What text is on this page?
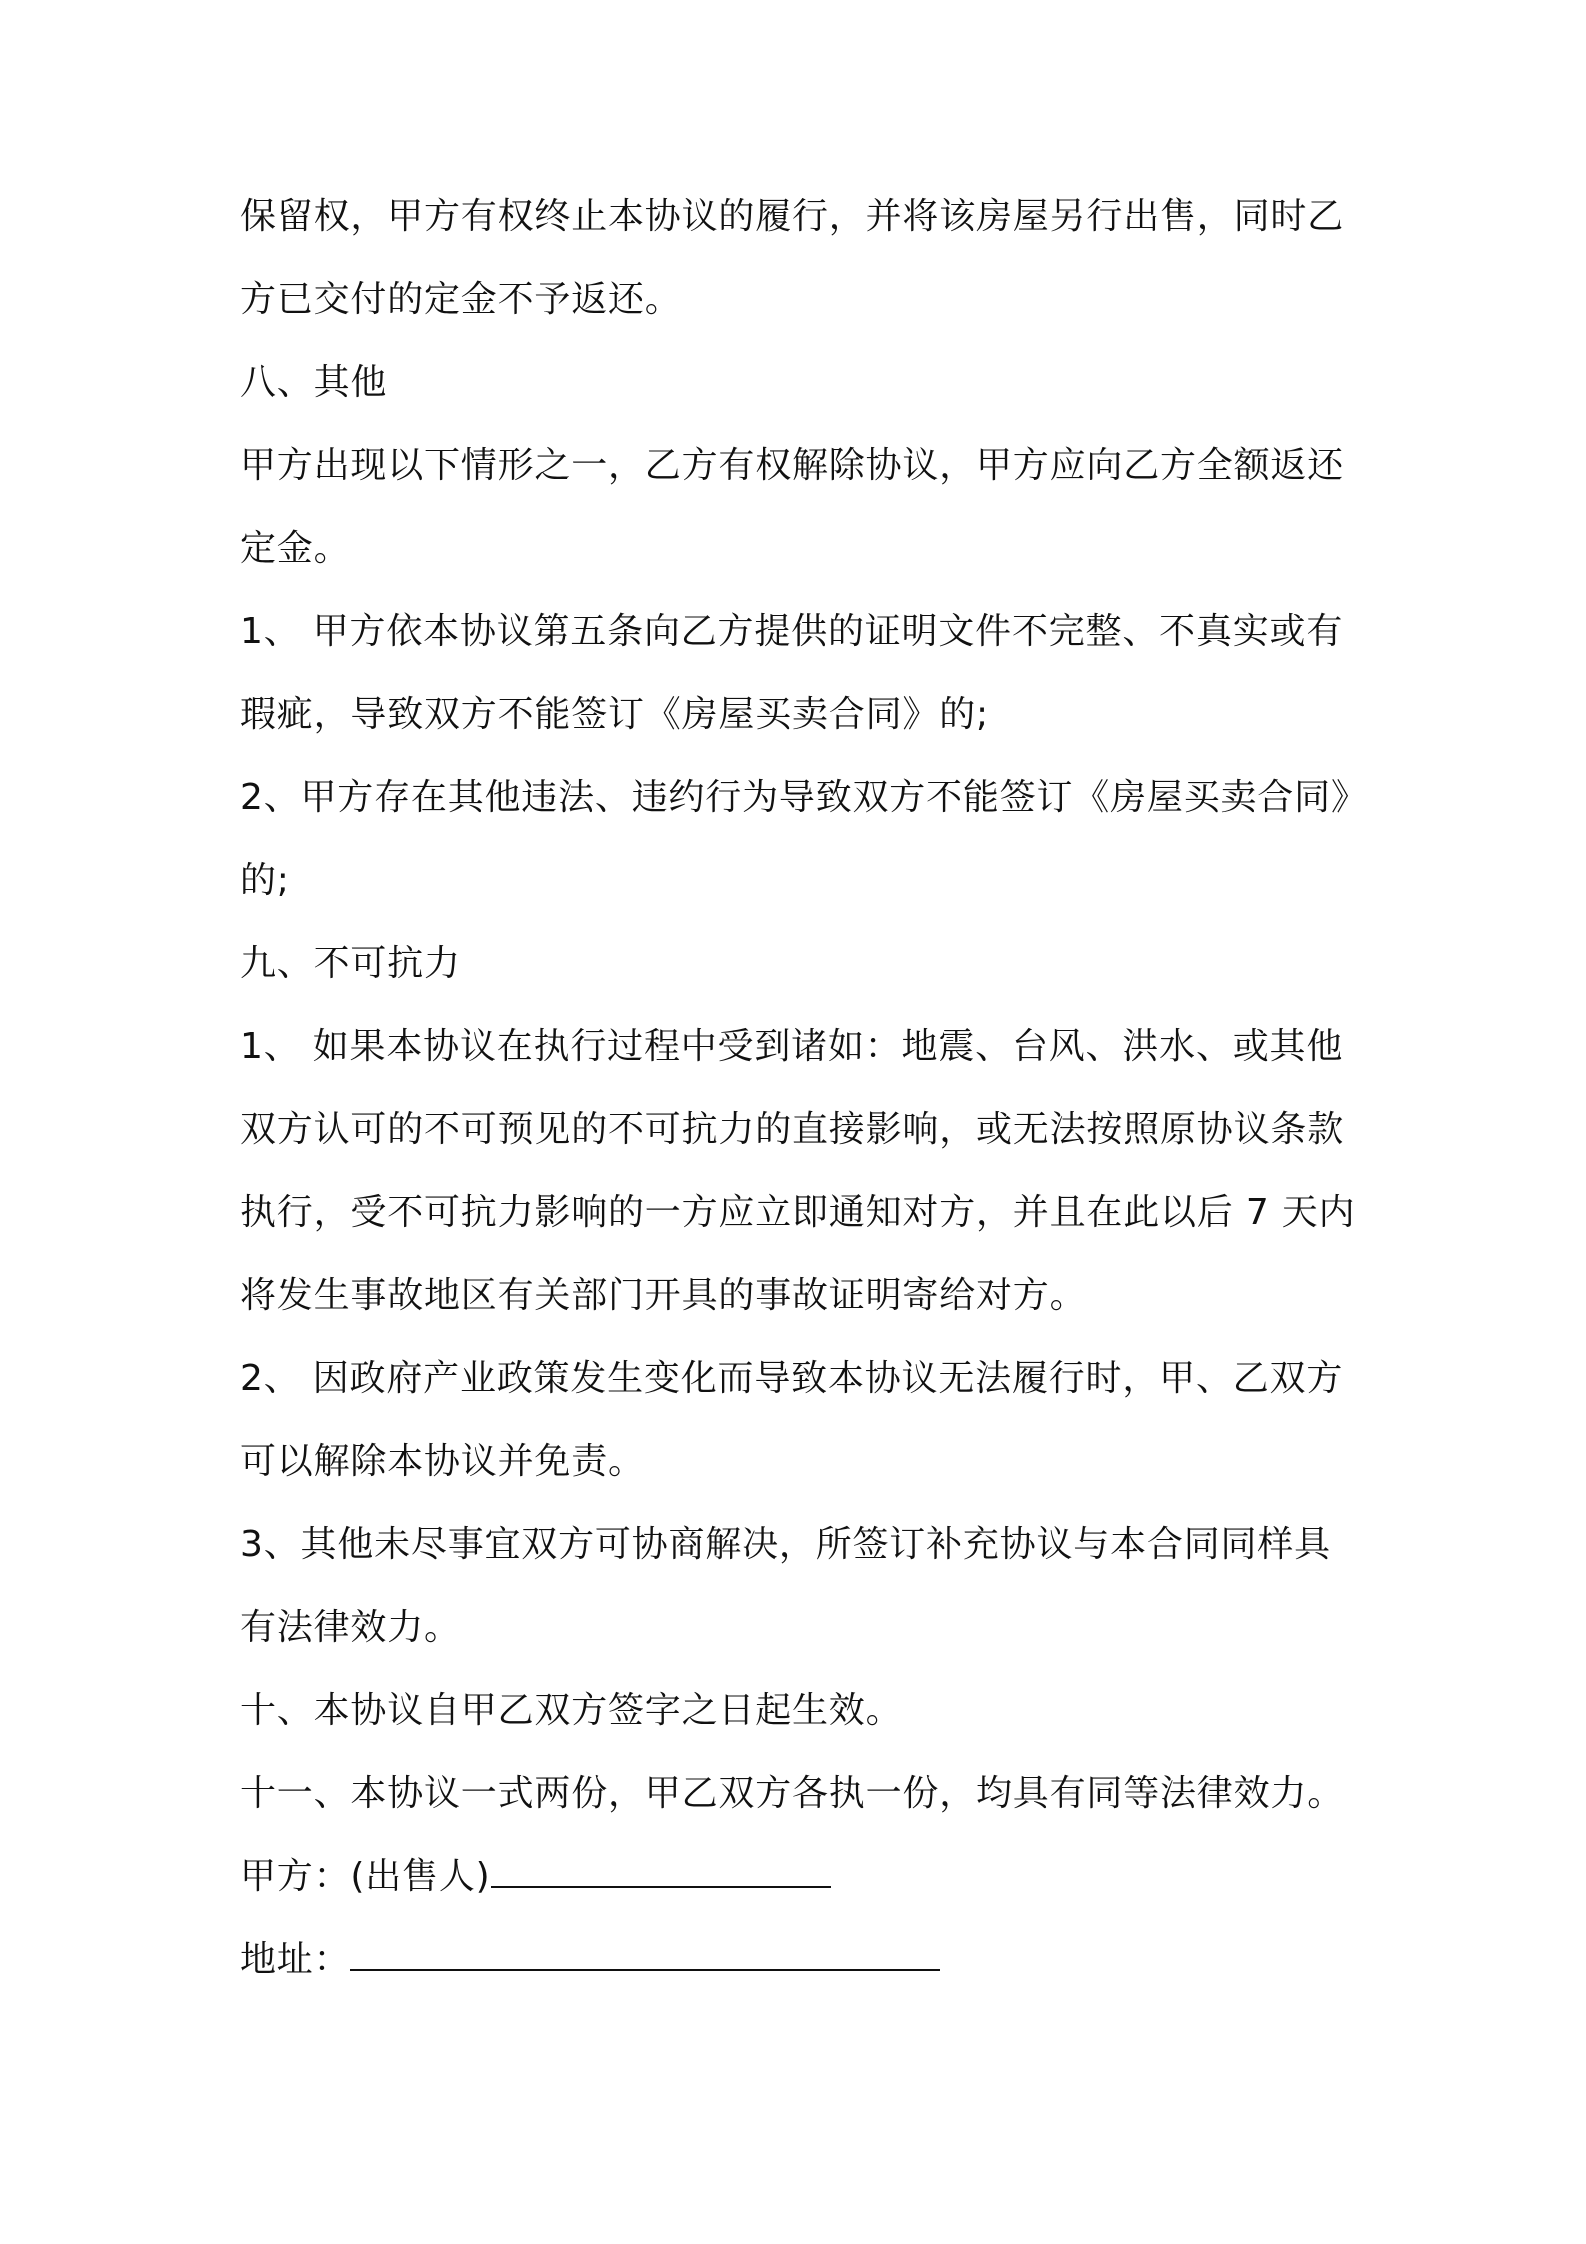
保留权，甲方有权终止本协议的履行，并将该房屋另行出售，同时乙
方已交付的定金不予返还。
八、其他
甲方出现以下情形之一，乙方有权解除协议，甲方应向乙方全额返还
定金。
1、 甲方依本协议第五条向乙方提供的证明文件不完整、不真实或有
瑕疵，导致双方不能签订《房屋买卖合同》的;
2、甲方存在其他违法、违约行为导致双方不能签订《房屋买卖合同》
的;
九、不可抗力
1、 如果本协议在执行过程中受到诸如：地震、台风、洪水、或其他
双方认可的不可预见的不可抗力的直接影响，或无法按照原协议条款
执行，受不可抗力影响的一方应立即通知对方，并且在此以后 7 天内
将发生事故地区有关部门开具的事故证明寄给对方。
2、 因政府产业政策发生变化而导致本协议无法履行时，甲、乙双方
可以解除本协议并免责。
3、其他未尽事宜双方可协商解决，所签订补充协议与本合同同样具
有法律效力。
十、本协议自甲乙双方签字之日起生效。
十一、本协议一式两份，甲乙双方各执一份，均具有同等法律效力。
甲方：(出售人)
地址：
